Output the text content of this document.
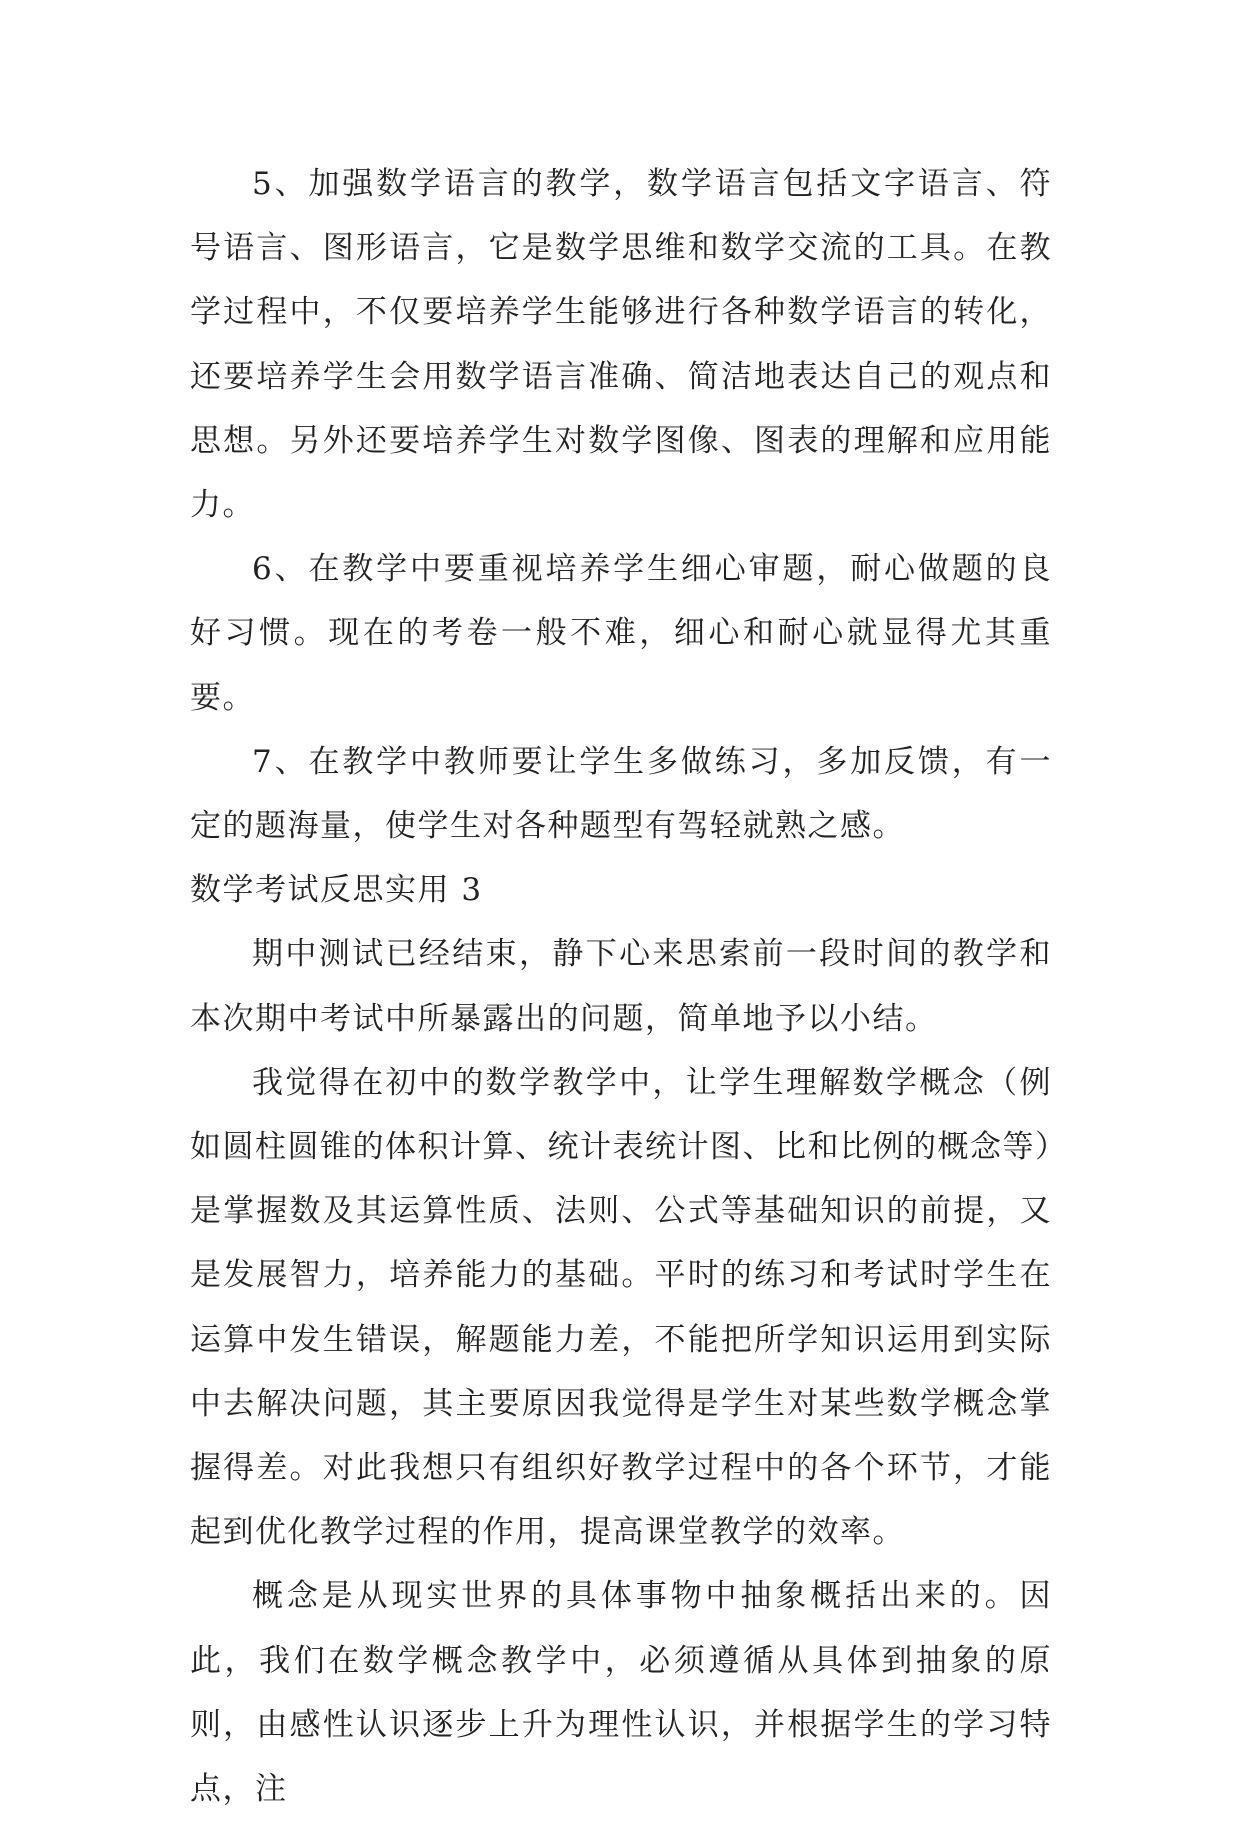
5、加强数学语言的教学，数学语言包括文字语言、符号语言、图形语言，它是数学思维和数学交流的工具。在教学过程中，不仅要培养学生能够进行各种数学语言的转化，还要培养学生会用数学语言准确、简洁地表达自己的观点和思想。另外还要培养学生对数学图像、图表的理解和应用能力。

6、在教学中要重视培养学生细心审题，耐心做题的良好习惯。现在的考卷一般不难，细心和耐心就显得尤其重要。

7、在教学中教师要让学生多做练习，多加反馈，有一定的题海量，使学生对各种题型有驾轻就熟之感。

数学考试反思实用 3

期中测试已经结束，静下心来思索前一段时间的教学和本次期中考试中所暴露出的问题，简单地予以小结。

我觉得在初中的数学教学中，让学生理解数学概念（例如圆柱圆锥的体积计算、统计表统计图、比和比例的概念等）是掌握数及其运算性质、法则、公式等基础知识的前提，又是发展智力，培养能力的基础。平时的练习和考试时学生在运算中发生错误，解题能力差，不能把所学知识运用到实际中去解决问题，其主要原因我觉得是学生对某些数学概念掌握得差。对此我想只有组织好教学过程中的各个环节，才能起到优化教学过程的作用，提高课堂教学的效率。

概念是从现实世界的具体事物中抽象概括出来的。因此，我们在数学概念教学中，必须遵循从具体到抽象的原则，由感性认识逐步上升为理性认识，并根据学生的学习特点，注
